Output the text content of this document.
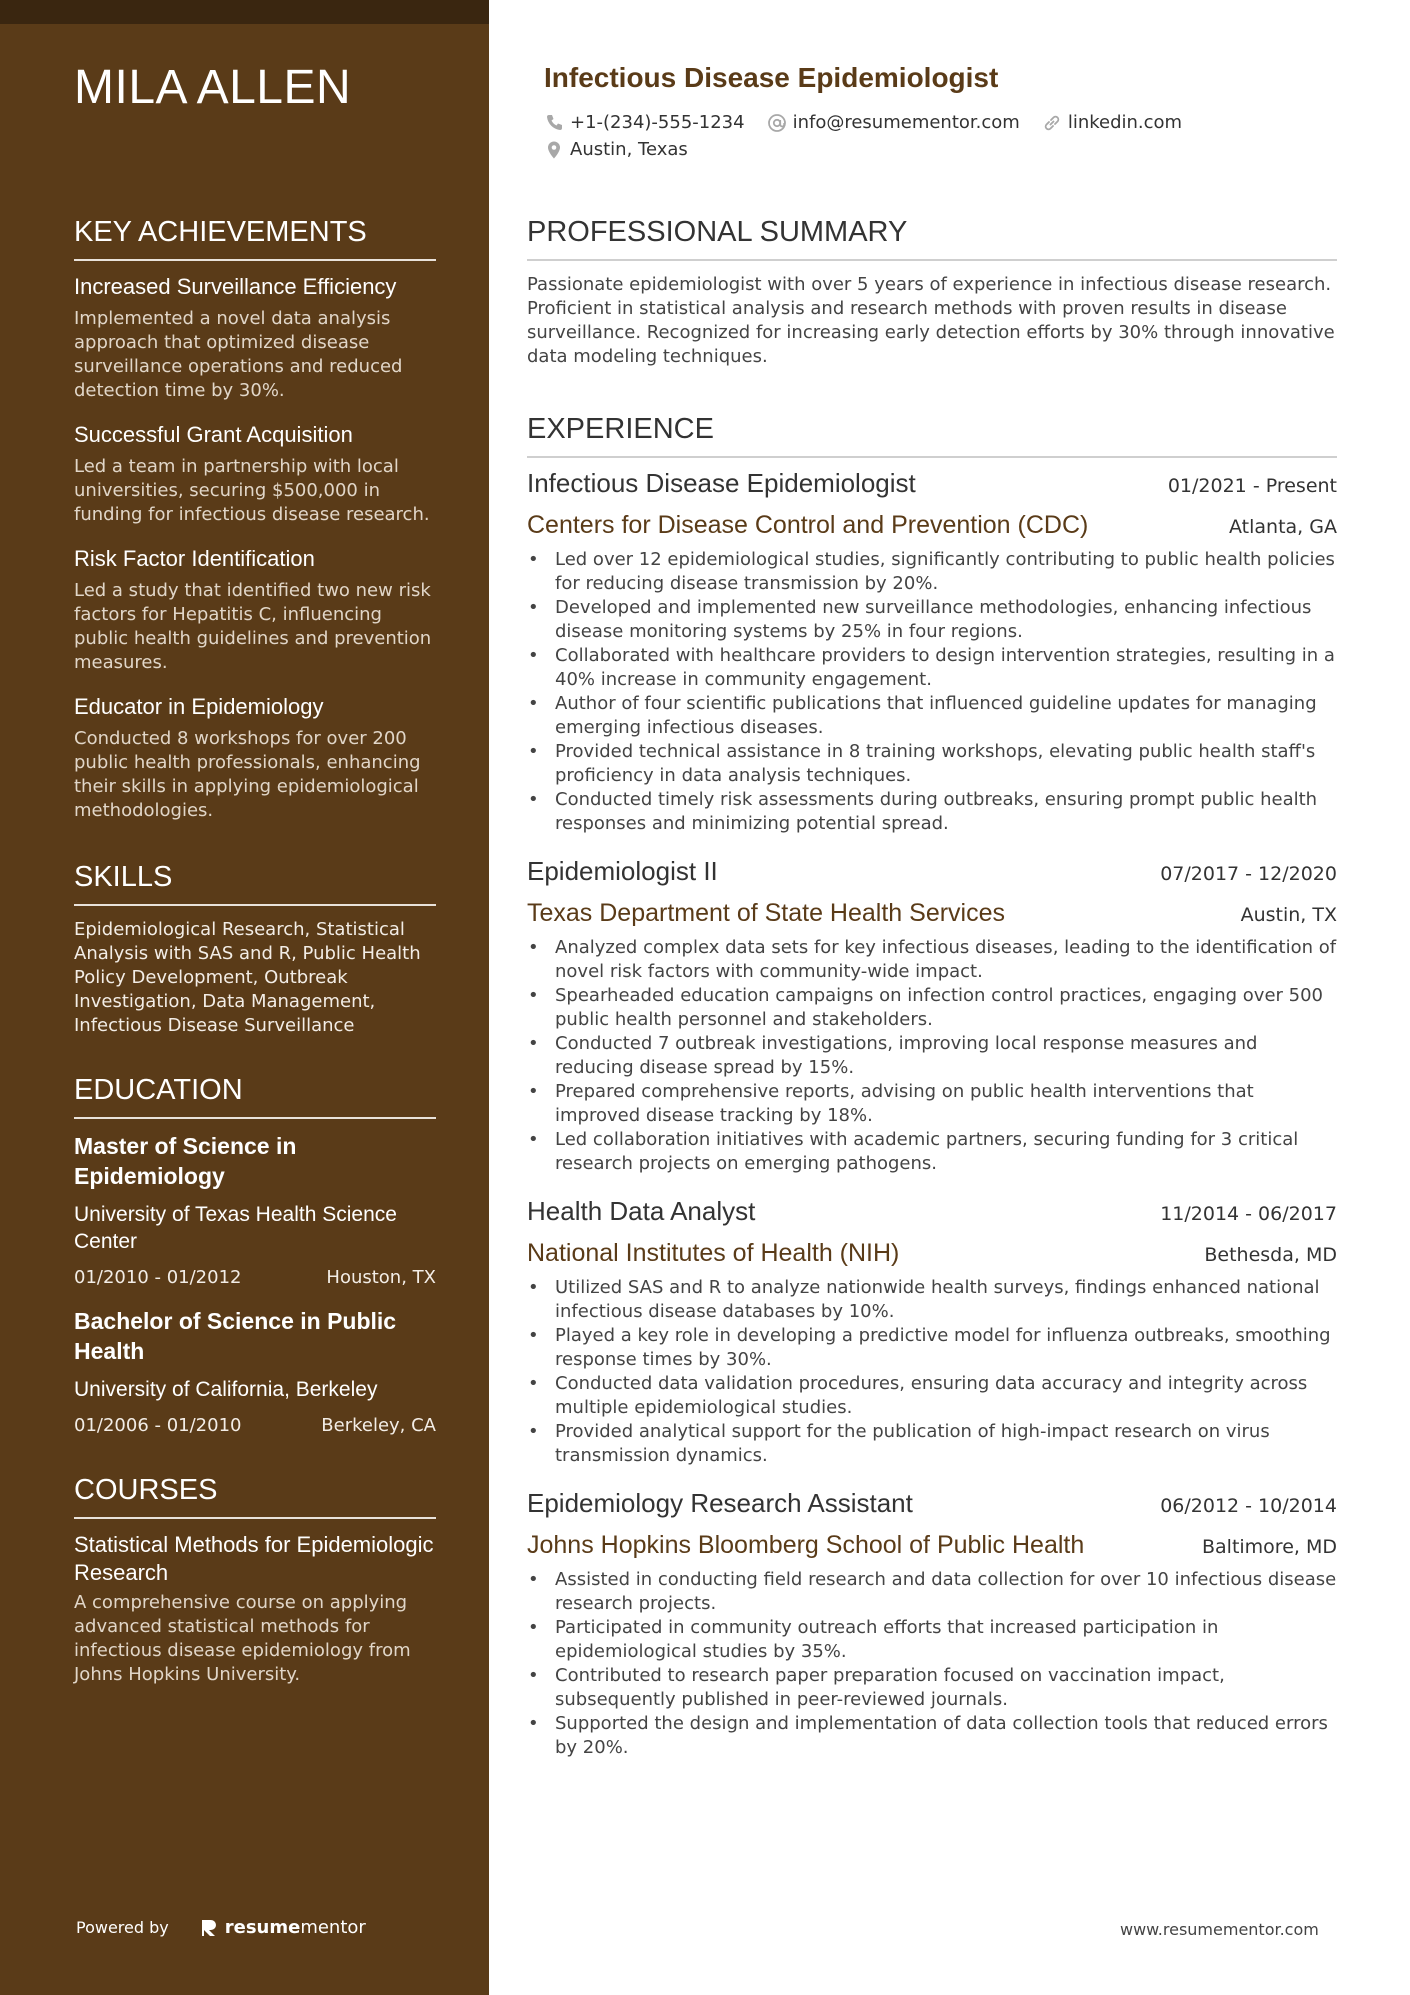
MILA ALLEN
KEY ACHIEVEMENTS

Increased Surveillance Efficiency

Implemented a novel data analysis approach that optimized disease surveillance operations and reduced detection time by 30%.

Successful Grant Acquisition

Led a team in partnership with local universities, securing $500,000 in funding for infectious disease research.

Risk Factor Identification

Led a study that identified two new risk factors for Hepatitis C, influencing public health guidelines and prevention measures.

Educator in Epidemiology

Conducted 8 workshops for over 200 public health professionals, enhancing their skills in applying epidemiological methodologies.

SKILLS

Epidemiological Research, Statistical Analysis with SAS and R, Public Health Policy Development, Outbreak Investigation, Data Management, Infectious Disease Surveillance

EDUCATION

Master of Science in Epidemiology

University of Texas Health Science Center

01/2010 - 01/2012	Houston, TX

Bachelor of Science in Public Health

University of California, Berkeley

01/2006 - 01/2010	Berkeley, CA
COURSES

Statistical Methods for Epidemiologic Research

A comprehensive course on applying advanced statistical methods for infectious disease epidemiology from Johns Hopkins University.

Powered by	resume mentor
Infectious Disease Epidemiologist
+1-(234)-555-1234	info@resumementor.com	linkedin.com
Austin, Texas
PROFESSIONAL SUMMARY

Passionate epidemiologist with over 5 years of experience in infectious disease research. Proficient in statistical analysis and research methods with proven results in disease surveillance. Recognized for increasing early detection efforts by 30% through innovative data modeling techniques.

EXPERIENCE
Infectious Disease Epidemiologist	01/2021 - Present
Centers for Disease Control and Prevention (CDC)	Atlanta, GA
• Led over 12 epidemiological studies, significantly contributing to public health policies for reducing disease transmission by 20%.
• Developed and implemented new surveillance methodologies, enhancing infectious disease monitoring systems by 25% in four regions.
• Collaborated with healthcare providers to design intervention strategies, resulting in a 40% increase in community engagement.
• Author of four scientific publications that influenced guideline updates for managing emerging infectious diseases.
• Provided technical assistance in 8 training workshops, elevating public health staff's proficiency in data analysis techniques.
• Conducted timely risk assessments during outbreaks, ensuring prompt public health responses and minimizing potential spread.
Epidemiologist II	07/2017 - 12/2020
Texas Department of State Health Services	Austin, TX
• Analyzed complex data sets for key infectious diseases, leading to the identification of novel risk factors with community-wide impact.
• Spearheaded education campaigns on infection control practices, engaging over 500 public health personnel and stakeholders.
• Conducted 7 outbreak investigations, improving local response measures and reducing disease spread by 15%.
• Prepared comprehensive reports, advising on public health interventions that improved disease tracking by 18%.
• Led collaboration initiatives with academic partners, securing funding for 3 critical research projects on emerging pathogens.
Health Data Analyst	11/2014 - 06/2017
National Institutes of Health (NIH)	Bethesda, MD
• Utilized SAS and R to analyze nationwide health surveys, findings enhanced national infectious disease databases by 10%.
• Played a key role in developing a predictive model for influenza outbreaks, smoothing response times by 30%.
• Conducted data validation procedures, ensuring data accuracy and integrity across multiple epidemiological studies.
• Provided analytical support for the publication of high-impact research on virus transmission dynamics.
Epidemiology Research Assistant	06/2012 - 10/2014
Johns Hopkins Bloomberg School of Public Health	Baltimore, MD
• Assisted in conducting field research and data collection for over 10 infectious disease research projects.
• Participated in community outreach efforts that increased participation in epidemiological studies by 35%.
• Contributed to research paper preparation focused on vaccination impact, subsequently published in peer-reviewed journals.
• Supported the design and implementation of data collection tools that reduced errors by 20%.
www.resumementor.com
